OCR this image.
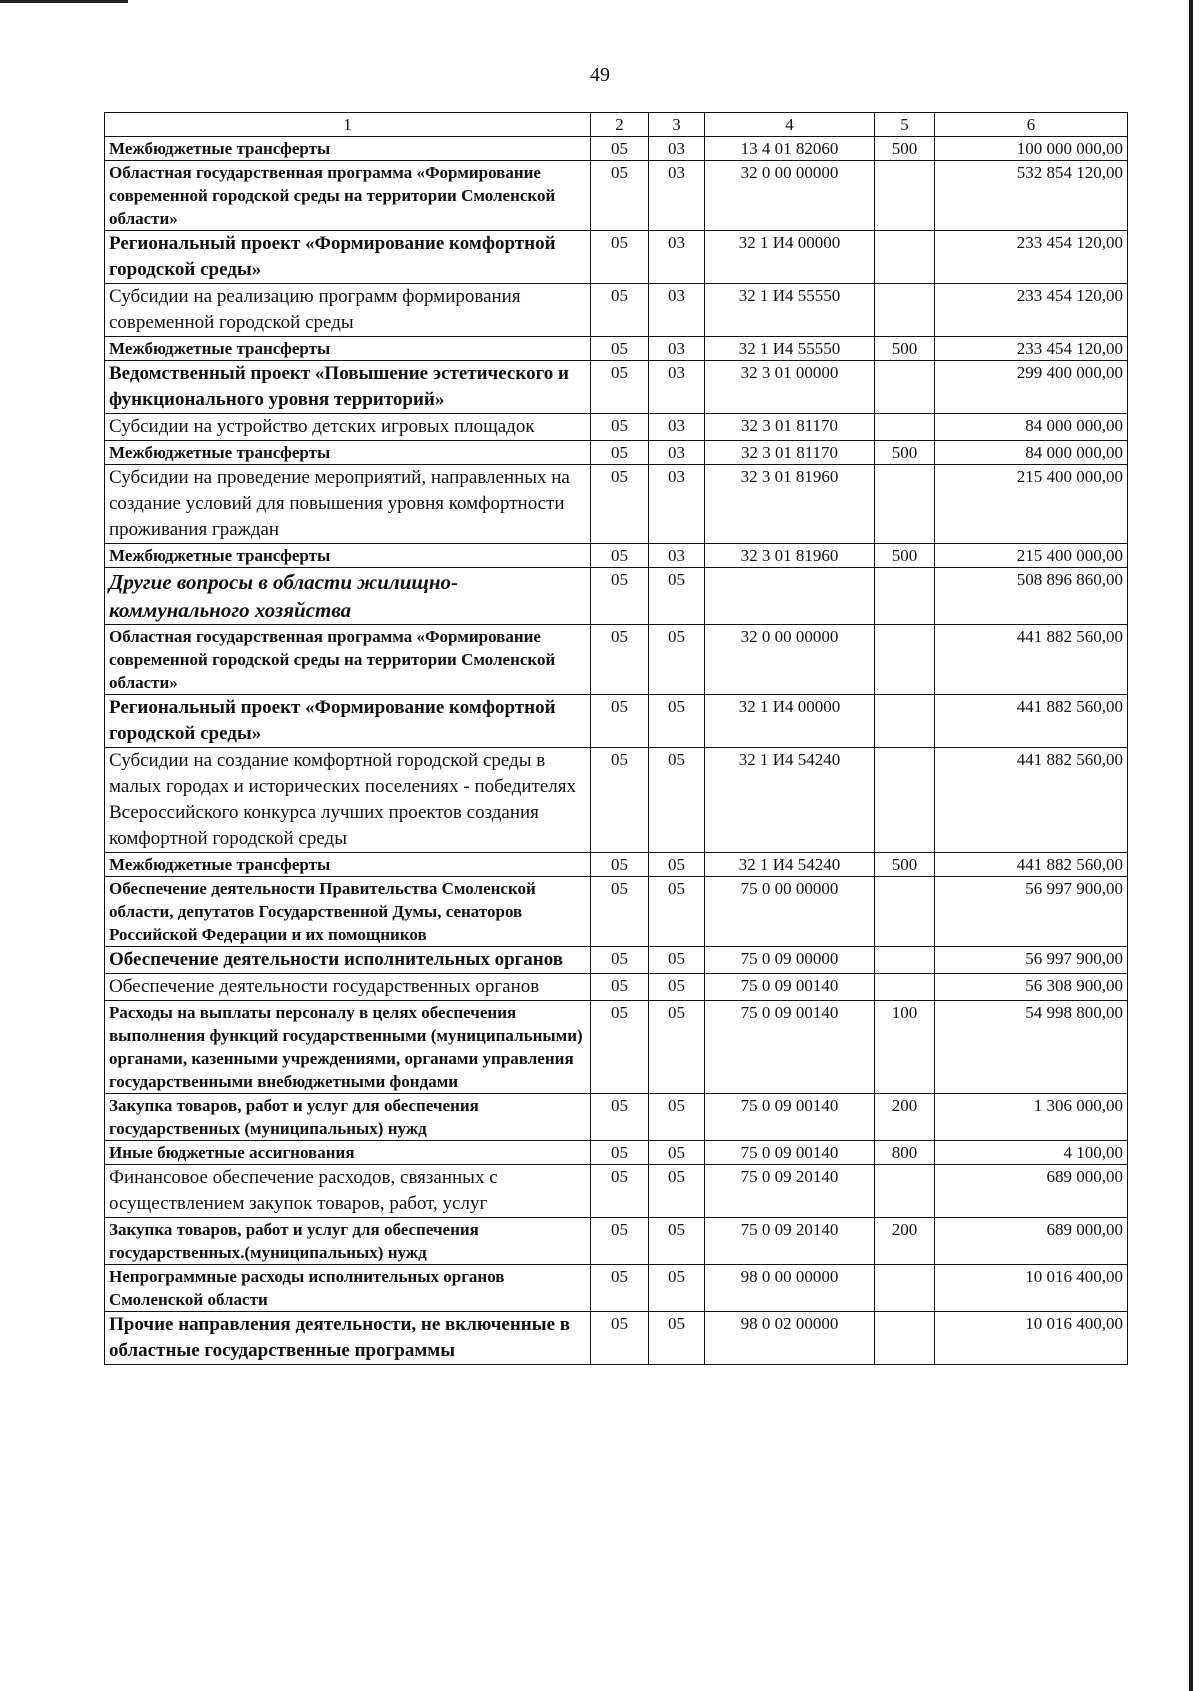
49
1	2	3	4	5	6
Межбюджетные трансферты	05	03	13 4 01 82060	500	100 000 000,00
Областная государственная программа «Формирование современной городской среды на территории Смоленской области»	05	03	32 0 00 00000		532 854 120,00
Региональный проект «Формирование комфортной городской среды»	05	03	32 1 И4 00000		233 454 120,00
Субсидии на реализацию программ формирования современной городской среды	05	03	32 1 И4 55550		233 454 120,00
Межбюджетные трансферты	05	03	32 1 И4 55550	500	233 454 120,00
Ведомственный проект «Повышение эстетического и функционального уровня территорий»	05	03	32 3 01 00000		299 400 000,00
Субсидии на устройство детских игровых площадок	05	03	32 3 01 81170		84 000 000,00
Межбюджетные трансферты	05	03	32 3 01 81170	500	84 000 000,00
Субсидии на проведение мероприятий, направленных на создание условий для повышения уровня комфортности проживания граждан	05	03	32 3 01 81960		215 400 000,00
Межбюджетные трансферты	05	03	32 3 01 81960	500	215 400 000,00
Другие вопросы в области жилищно-коммунального хозяйства	05	05			508 896 860,00
Областная государственная программа «Формирование современной городской среды на территории Смоленской области»	05	05	32 0 00 00000		441 882 560,00
Региональный проект «Формирование комфортной городской среды»	05	05	32 1 И4 00000		441 882 560,00
Субсидии на создание комфортной городской среды в малых городах и исторических поселениях - победителях Всероссийского конкурса лучших проектов создания комфортной городской среды	05	05	32 1 И4 54240		441 882 560,00
Межбюджетные трансферты	05	05	32 1 И4 54240	500	441 882 560,00
Обеспечение деятельности Правительства Смоленской области, депутатов Государственной Думы, сенаторов Российской Федерации и их помощников	05	05	75 0 00 00000		56 997 900,00
Обеспечение деятельности исполнительных органов	05	05	75 0 09 00000		56 997 900,00
Обеспечение деятельности государственных органов	05	05	75 0 09 00140		56 308 900,00
Расходы на выплаты персоналу в целях обеспечения выполнения функций государственными (муниципальными) органами, казенными учреждениями, органами управления государственными внебюджетными фондами	05	05	75 0 09 00140	100	54 998 800,00
Закупка товаров, работ и услуг для обеспечения государственных (муниципальных) нужд	05	05	75 0 09 00140	200	1 306 000,00
Иные бюджетные ассигнования	05	05	75 0 09 00140	800	4 100,00
Финансовое обеспечение расходов, связанных с осуществлением закупок товаров, работ, услуг	05	05	75 0 09 20140		689 000,00
Закупка товаров, работ и услуг для обеспечения государственных.(муниципальных) нужд	05	05	75 0 09 20140	200	689 000,00
Непрограммные расходы исполнительных органов Смоленской области	05	05	98 0 00 00000		10 016 400,00
Прочие направления деятельности, не включенные в областные государственные программы	05	05	98 0 02 00000		10 016 400,00
